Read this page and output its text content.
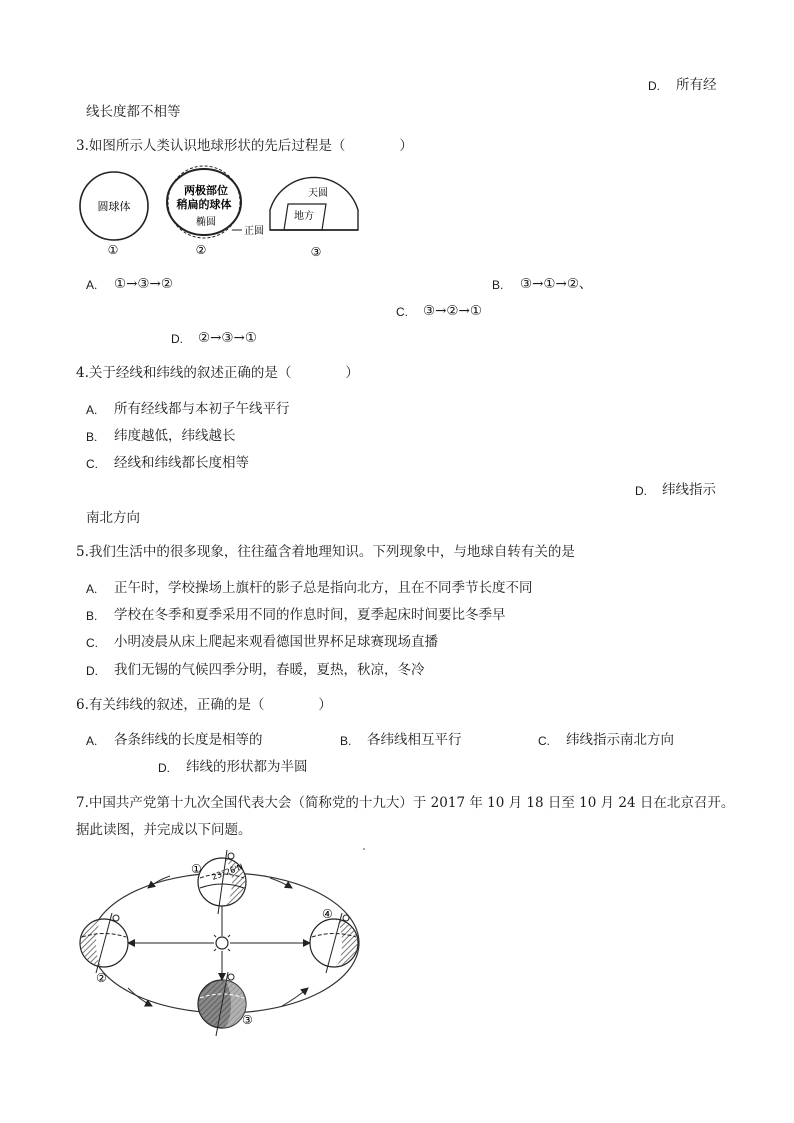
D. 所有经
线长度都不相等
3.如图所示人类认识地球形状的先后过程是（　　　　）
圆球体
①
两极部位
稍扁的球体
椭圆
正圆
②
天圆
地方
③
A. ①→③→②	B. ③→①→②、
C. ③→②→①
D. ②→③→①
4.关于经线和纬线的叙述正确的是（　　　　）
A. 所有经线都与本初子午线平行
B. 纬度越低，纬线越长
C. 经线和纬线都长度相等
D. 纬线指示
南北方向
5.我们生活中的很多现象，往往蕴含着地理知识。下列现象中，与地球自转有关的是
A. 正午时，学校操场上旗杆的影子总是指向北方，且在不同季节长度不同
B. 学校在冬季和夏季采用不同的作息时间，夏季起床时间要比冬季早
C. 小明凌晨从床上爬起来观看德国世界杯足球赛现场直播
D. 我们无锡的气候四季分明，春暖，夏热，秋凉，冬冷
6.有关纬线的叙述，正确的是（　　　　）
A. 各条纬线的长度是相等的	B. 各纬线相互平行	C. 纬线指示南北方向
D. 纬线的形状都为半圆
7.中国共产党第十九次全国代表大会（简称党的十九大）于 2017 年 10 月 18 日至 10 月 24 日在北京召开。
据此读图，并完成以下问题。
23°26'N
①
②
③
④
